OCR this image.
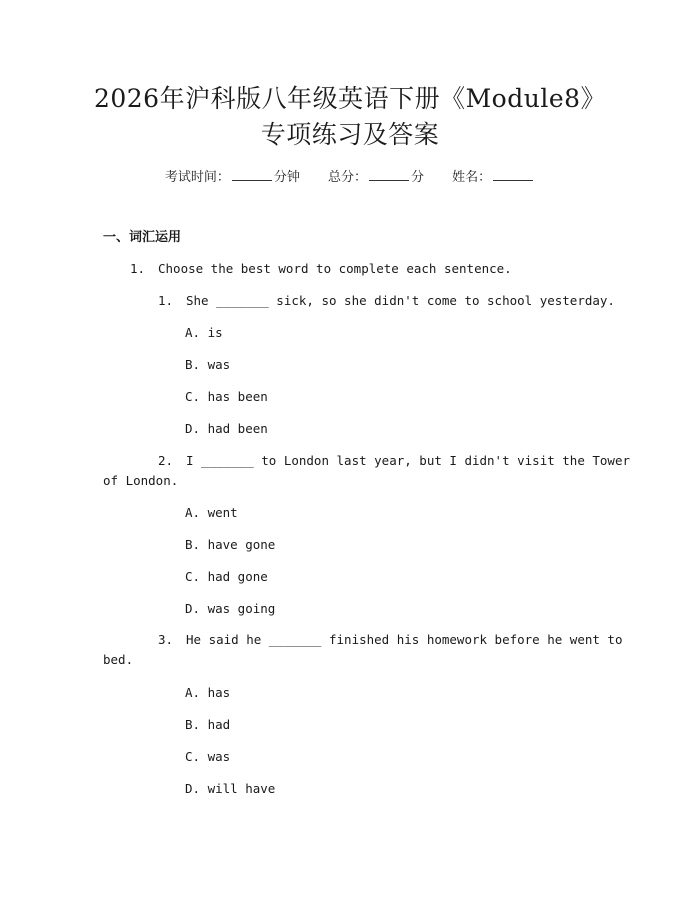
2026年沪科版八年级英语下册《Module8》
专项练习及答案
考试时间：	分钟 总分：	分 姓名：
一、词汇运用
1. Choose the best word to complete each sentence.
1. She _______ sick, so she didn't come to school yesterday.
A. is
B. was
C. has been
D. had been
2. I _______ to London last year, but I didn't visit the Tower
of London.
A. went
B. have gone
C. had gone
D. was going
3. He said he _______ finished his homework before he went to
bed.
A. has
B. had
C. was
D. will have
